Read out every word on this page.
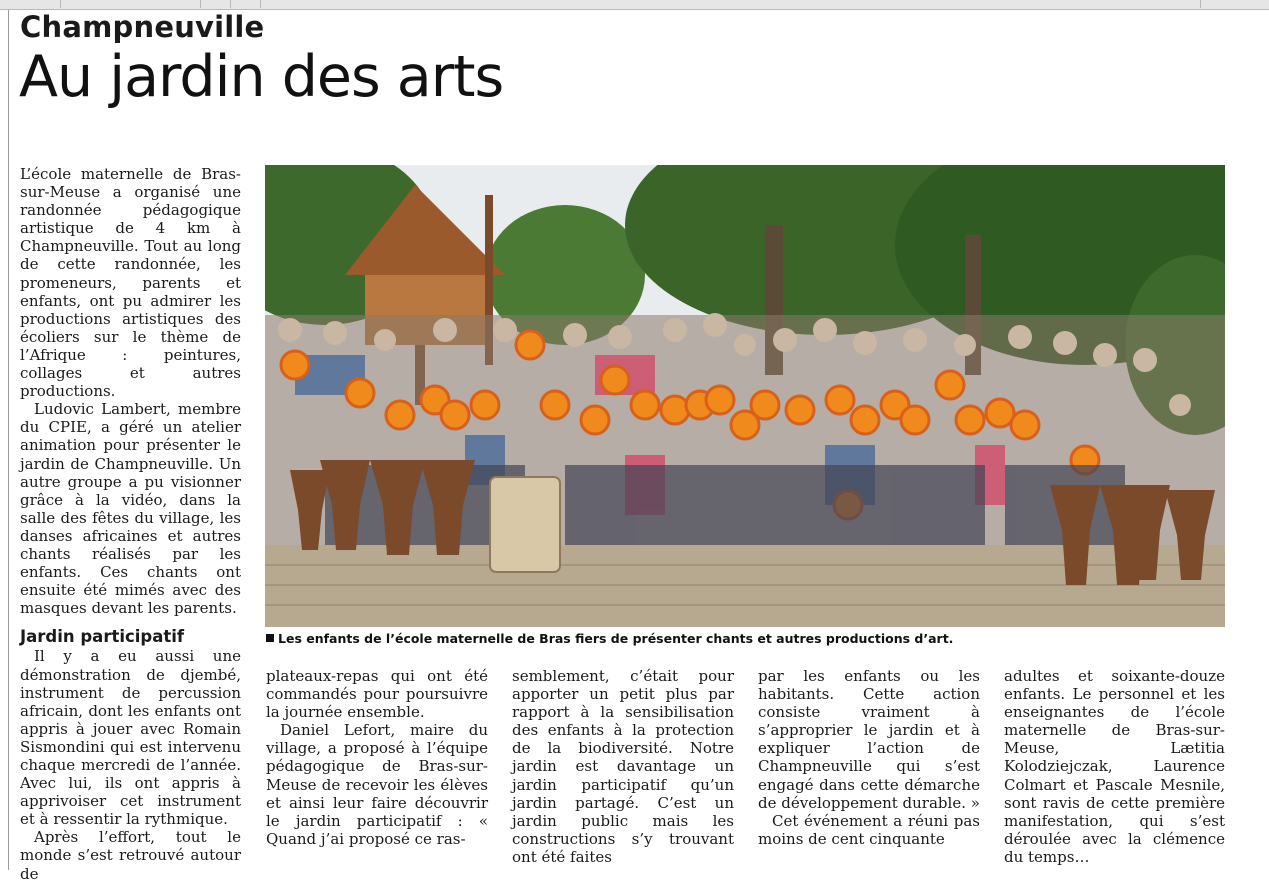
Champneuville
Au jardin des arts

L’école maternelle de Bras-sur-Meuse a organisé une randonnée pédagogique artistique de 4 km à Champneuville. Tout au long de cette randonnée, les promeneurs, parents et enfants, ont pu admirer les productions artistiques des écoliers sur le thème de l’Afrique : peintures, collages et autres productions.

Ludovic Lambert, membre du CPIE, a géré un atelier animation pour présenter le jardin de Champneuville. Un autre groupe a pu visionner grâce à la vidéo, dans la salle des fêtes du village, les danses africaines et autres chants réalisés par les enfants. Ces chants ont ensuite été mimés avec des masques devant les parents.

Jardin participatif

Il y a eu aussi une démonstration de djembé, instrument de percussion africain, dont les enfants ont appris à jouer avec Romain Sismondini qui est intervenu chaque mercredi de l’année. Avec lui, ils ont appris à apprivoiser cet instrument et à ressentir la rythmique.

Après l’effort, tout le monde s’est retrouvé autour de

Les enfants de l’école maternelle de Bras fiers de présenter chants et autres productions d’art.

plateaux-repas qui ont été commandés pour poursuivre la journée ensemble.

Daniel Lefort, maire du village, a proposé à l’équipe pédagogique de Bras-sur-Meuse de recevoir les élèves et ainsi leur faire découvrir le jardin participatif : « Quand j’ai proposé ce ras-

semblement, c’était pour apporter un petit plus par rapport à la sensibilisation des enfants à la protection de la biodiversité. Notre jardin est davantage un jardin participatif qu’un jardin partagé. C’est un jardin public mais les constructions s’y trouvant ont été faites

par les enfants ou les habitants. Cette action consiste vraiment à s’approprier le jardin et à expliquer l’action de Champneuville qui s’est engagé dans cette démarche de développement durable. »

Cet événement a réuni pas moins de cent cinquante

adultes et soixante-douze enfants. Le personnel et les enseignantes de l’école maternelle de Bras-sur-Meuse, Lætitia Kolodziejczak, Laurence Colmart et Pascale Mesnile, sont ravis de cette première manifestation, qui s’est déroulée avec la clémence du temps…
